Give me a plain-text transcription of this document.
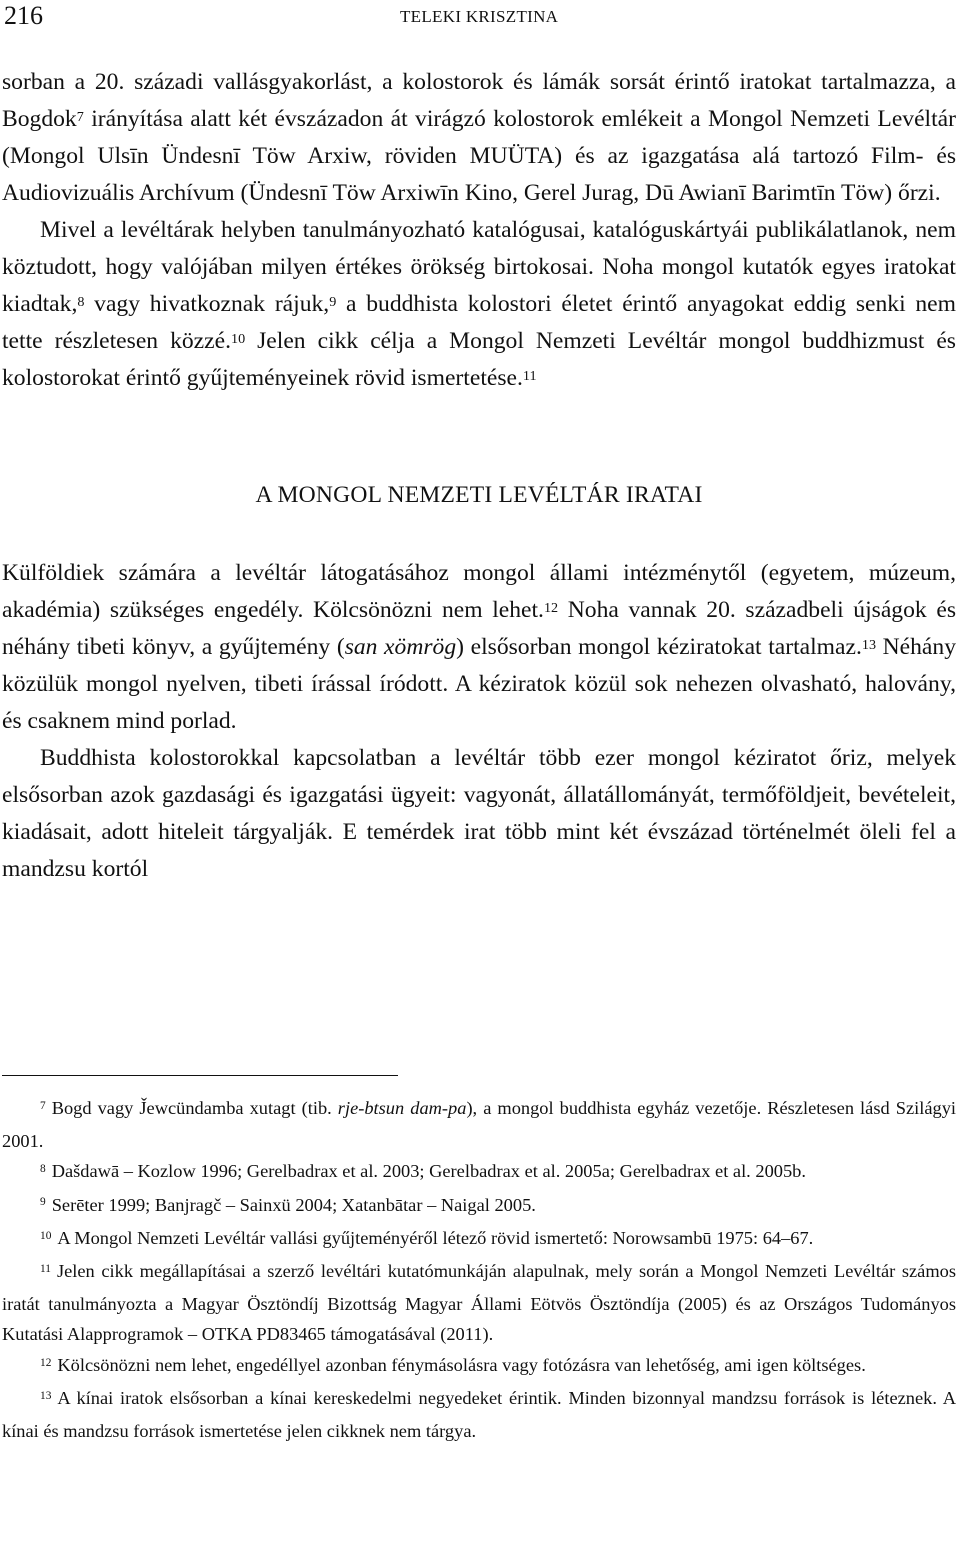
216	TELEKI KRISZTINA

sorban a 20. századi vallásgyakorlást, a kolostorok és lámák sorsát érintő iratokat tartalmazza, a Bogdok$^7$ irányítása alatt két évszázadon át virágzó kolostorok emlékeit a Mongol Nemzeti Levéltár (Mongol Ulsīn Ündesnī Töw Arxiw, röviden MUÜTA) és az igazgatása alá tartozó Film- és Audiovizuális Archívum (Ündesnī Töw Arxiwīn Kino, Gerel Jurag, Dū Awianī Barimtīn Töw) őrzi.

Mivel a levéltárak helyben tanulmányozható katalógusai, katalóguskártyái publikálatlanok, nem köztudott, hogy valójában milyen értékes örökség birtokosai. Noha mongol kutatók egyes iratokat kiadtak,$^8$ vagy hivatkoznak rájuk,$^9$ a buddhista kolostori életet érintő anyagokat eddig senki nem tette részletesen közzé.$^{10}$ Jelen cikk célja a Mongol Nemzeti Levéltár mongol buddhizmust és kolostorokat érintő gyűjteményeinek rövid ismertetése.$^{11}$

A MONGOL NEMZETI LEVÉLTÁR IRATAI

Külföldiek számára a levéltár látogatásához mongol állami intézménytől (egyetem, múzeum, akadémia) szükséges engedély. Kölcsönözni nem lehet.$^{12}$ Noha vannak 20. századbeli újságok és néhány tibeti könyv, a gyűjtemény (san xömrög) elsősorban mongol kéziratokat tartalmaz.$^{13}$ Néhány közülük mongol nyelven, tibeti írással íródott. A kéziratok közül sok nehezen olvasható, halovány, és csaknem mind porlad.

Buddhista kolostorokkal kapcsolatban a levéltár több ezer mongol kéziratot őriz, melyek elsősorban azok gazdasági és igazgatási ügyeit: vagyonát, állatállományát, termőföldjeit, bevételeit, kiadásait, adott hiteleit tárgyalják. E temérdek irat több mint két évszázad történelmét öleli fel a mandzsu kortól

$^7$ Bogd vagy J̌ewcündamba xutagt (tib. rje-btsun dam-pa), a mongol buddhista egyház vezetője. Részletesen lásd Szilágyi 2001.

$^8$ Dašdawā – Kozlow 1996; Gerelbadrax et al. 2003; Gerelbadrax et al. 2005a; Gerelbadrax et al. 2005b.

$^9$ Serēter 1999; Banjragč – Sainxü 2004; Xatanbātar – Naigal 2005.

$^{10}$ A Mongol Nemzeti Levéltár vallási gyűjteményéről létező rövid ismertető: Norowsambū 1975: 64–67.

$^{11}$ Jelen cikk megállapításai a szerző levéltári kutatómunkáján alapulnak, mely során a Mongol Nemzeti Levéltár számos iratát tanulmányozta a Magyar Ösztöndíj Bizottság Magyar Állami Eötvös Ösztöndíja (2005) és az Országos Tudományos Kutatási Alapprogramok – OTKA PD83465 támogatásával (2011).

$^{12}$ Kölcsönözni nem lehet, engedéllyel azonban fénymásolásra vagy fotózásra van lehetőség, ami igen költséges.

$^{13}$ A kínai iratok elsősorban a kínai kereskedelmi negyedeket érintik. Minden bizonnyal mandzsu források is léteznek. A kínai és mandzsu források ismertetése jelen cikknek nem tárgya.
